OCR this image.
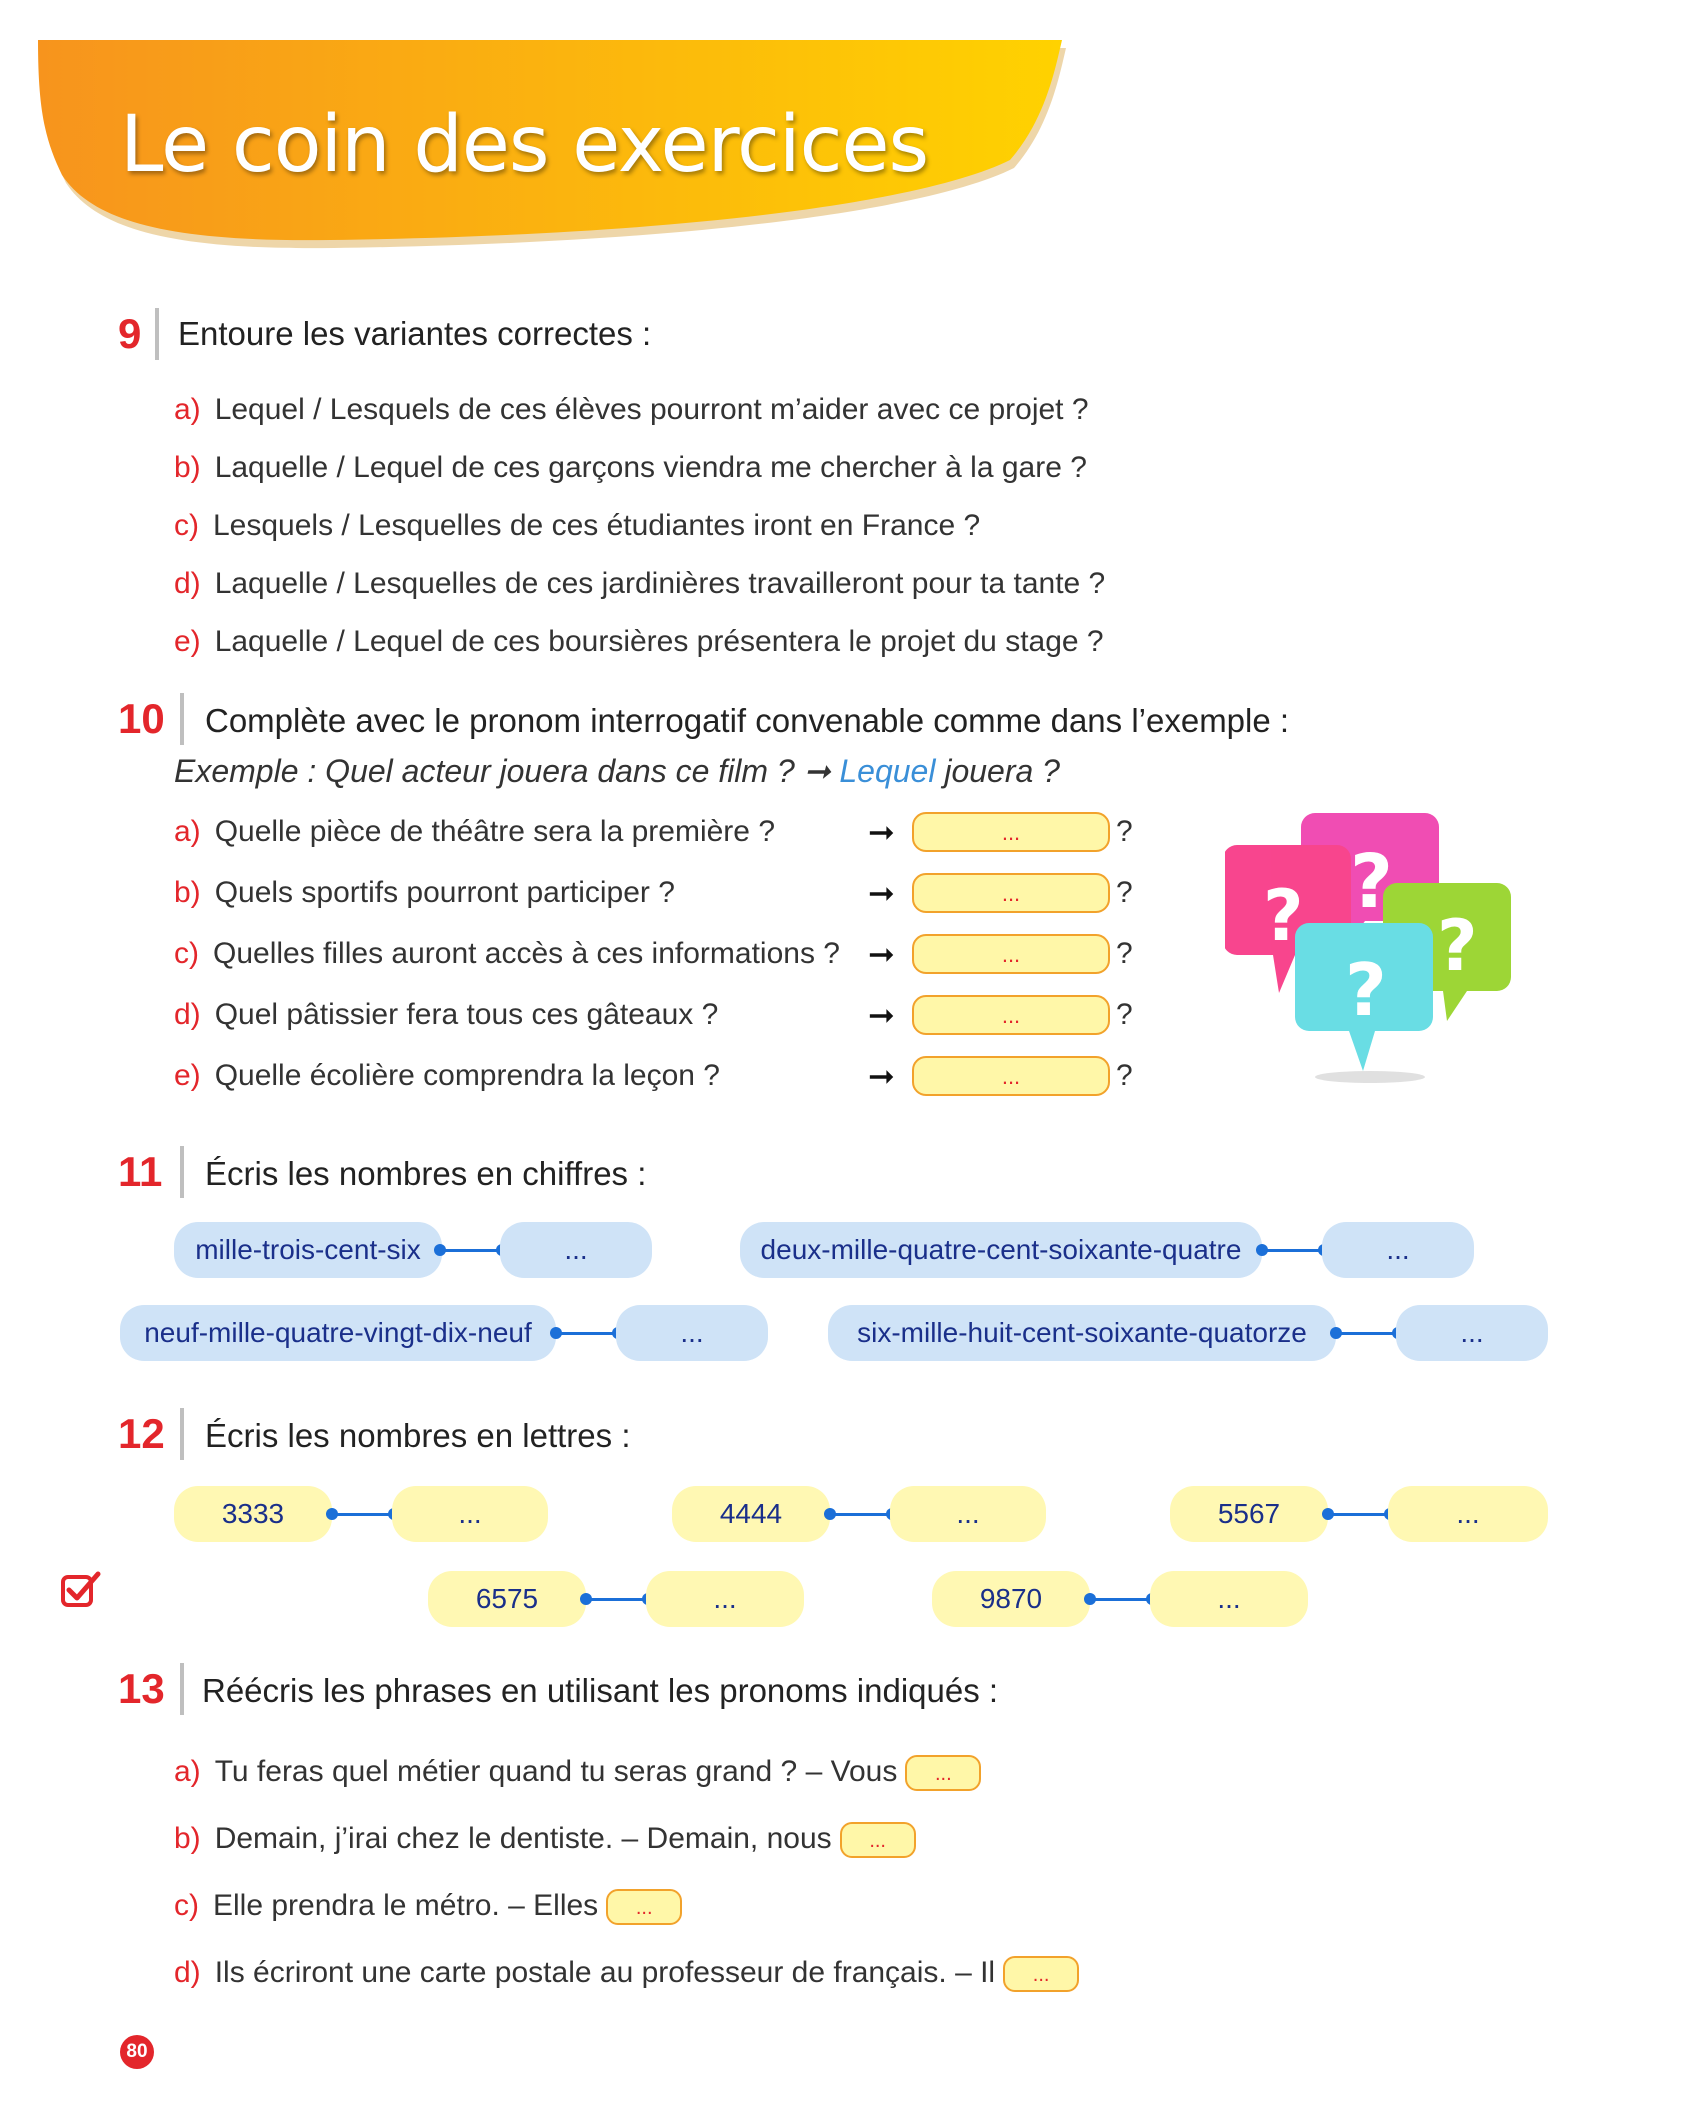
Le coin des exercices
9 Entoure les variantes correctes :
a) Lequel / Lesquels de ces élèves pourront m’aider avec ce projet ?
b) Laquelle / Lequel de ces garçons viendra me chercher à la gare ?
c) Lesquels / Lesquelles de ces étudiantes iront en France ?
d) Laquelle / Lesquelles de ces jardinières travailleront pour ta tante ?
e) Laquelle / Lequel de ces boursières présentera le projet du stage ?
10 Complète avec le pronom interrogatif convenable comme dans l’exemple :
Exemple : Quel acteur jouera dans ce film ? ➞ Lequel jouera ?
a) Quelle pièce de théâtre sera la première ?	➞	...	?
b) Quels sportifs pourront participer ?	➞	...	?
c) Quelles filles auront accès à ces informations ? ➞	...	?
d) Quel pâtissier fera tous ces gâteaux ?	➞	...	?
e) Quelle écolière comprendra la leçon ?	➞	...	?
?
? ?
?
11 Écris les nombres en chiffres :
mille-trois-cent-six	...	deux-mille-quatre-cent-soixante-quatre	...
neuf-mille-quatre-vingt-dix-neuf	...	six-mille-huit-cent-soixante-quatorze	...
12 Écris les nombres en lettres :
3333	...	4444	...	5567	...
6575	...	9870	...
13 Réécris les phrases en utilisant les pronoms indiqués :
a) Tu feras quel métier quand tu seras grand ? – Vous ...
b) Demain, j’irai chez le dentiste. – Demain, nous ...
c) Elle prendra le métro. – Elles ...
d) Ils écriront une carte postale au professeur de français. – Il ...
80
